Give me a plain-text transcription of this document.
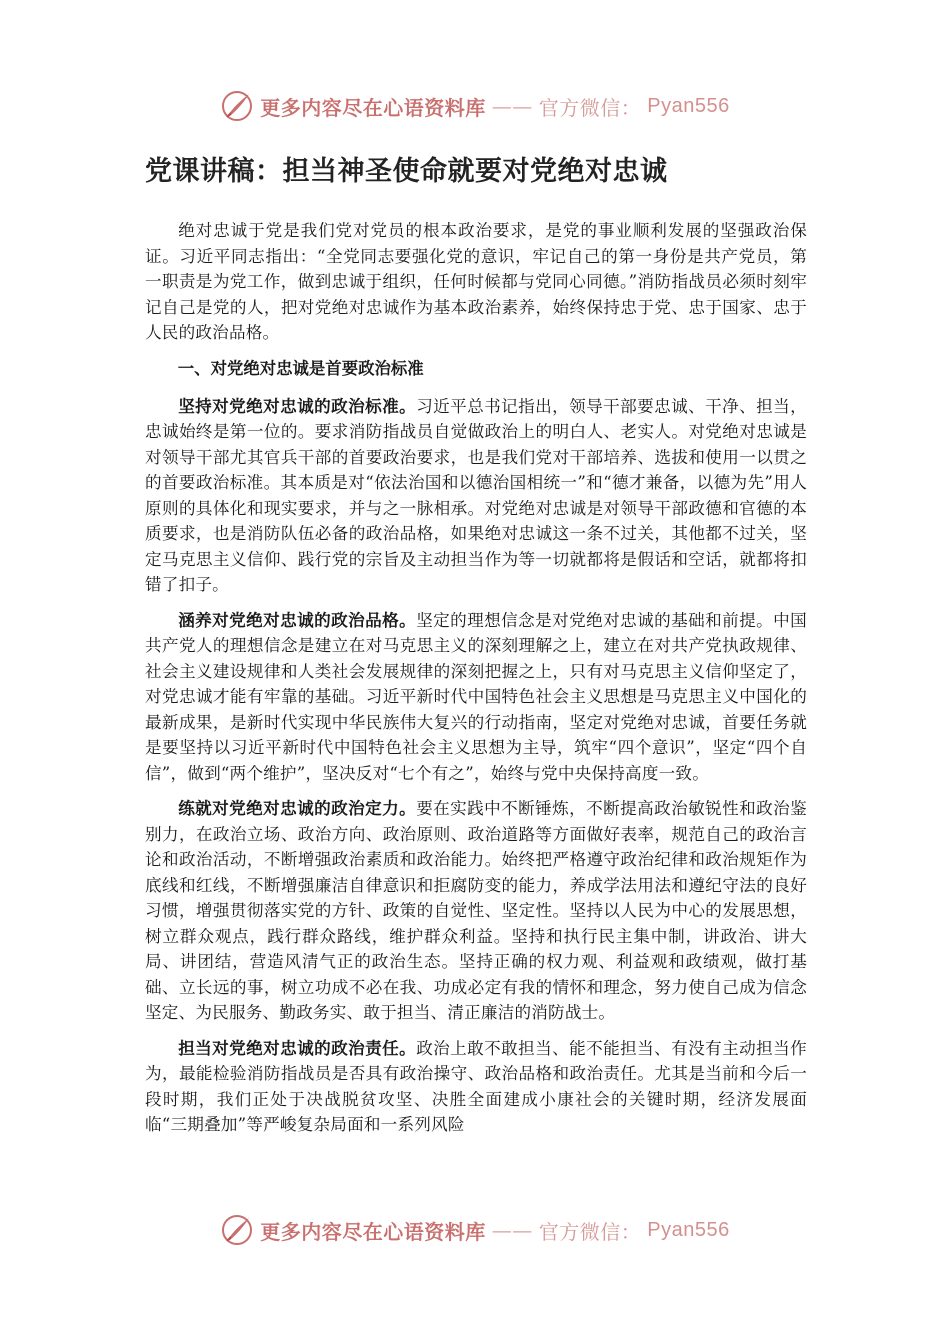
更多内容尽在心语资料库 —— 官方微信： Pyan556
党课讲稿：担当神圣使命就要对党绝对忠诚

绝对忠诚于党是我们党对党员的根本政治要求，是党的事业顺利发展的坚强政治保证。习近平同志指出：“全党同志要强化党的意识，牢记自己的第一身份是共产党员，第一职责是为党工作，做到忠诚于组织，任何时候都与党同心同德。”消防指战员必须时刻牢记自己是党的人，把对党绝对忠诚作为基本政治素养，始终保持忠于党、忠于国家、忠于人民的政治品格。

一、对党绝对忠诚是首要政治标准

坚持对党绝对忠诚的政治标准。习近平总书记指出，领导干部要忠诚、干净、担当，忠诚始终是第一位的。要求消防指战员自觉做政治上的明白人、老实人。对党绝对忠诚是对领导干部尤其官兵干部的首要政治要求，也是我们党对干部培养、选拔和使用一以贯之的首要政治标准。其本质是对“依法治国和以德治国相统一”和“德才兼备，以德为先”用人原则的具体化和现实要求，并与之一脉相承。对党绝对忠诚是对领导干部政德和官德的本质要求，也是消防队伍必备的政治品格，如果绝对忠诚这一条不过关，其他都不过关，坚定马克思主义信仰、践行党的宗旨及主动担当作为等一切就都将是假话和空话，就都将扣错了扣子。

涵养对党绝对忠诚的政治品格。坚定的理想信念是对党绝对忠诚的基础和前提。中国共产党人的理想信念是建立在对马克思主义的深刻理解之上，建立在对共产党执政规律、社会主义建设规律和人类社会发展规律的深刻把握之上，只有对马克思主义信仰坚定了，对党忠诚才能有牢靠的基础。习近平新时代中国特色社会主义思想是马克思主义中国化的最新成果，是新时代实现中华民族伟大复兴的行动指南，坚定对党绝对忠诚，首要任务就是要坚持以习近平新时代中国特色社会主义思想为主导，筑牢“四个意识”，坚定“四个自信”，做到“两个维护”，坚决反对“七个有之”，始终与党中央保持高度一致。

练就对党绝对忠诚的政治定力。要在实践中不断锤炼，不断提高政治敏锐性和政治鉴别力，在政治立场、政治方向、政治原则、政治道路等方面做好表率，规范自己的政治言论和政治活动，不断增强政治素质和政治能力。始终把严格遵守政治纪律和政治规矩作为底线和红线，不断增强廉洁自律意识和拒腐防变的能力，养成学法用法和遵纪守法的良好习惯，增强贯彻落实党的方针、政策的自觉性、坚定性。坚持以人民为中心的发展思想，树立群众观点，践行群众路线，维护群众利益。坚持和执行民主集中制，讲政治、讲大局、讲团结，营造风清气正的政治生态。坚持正确的权力观、利益观和政绩观，做打基础、立长远的事，树立功成不必在我、功成必定有我的情怀和理念，努力使自己成为信念坚定、为民服务、勤政务实、敢于担当、清正廉洁的消防战士。

担当对党绝对忠诚的政治责任。政治上敢不敢担当、能不能担当、有没有主动担当作为，最能检验消防指战员是否具有政治操守、政治品格和政治责任。尤其是当前和今后一段时期，我们正处于决战脱贫攻坚、决胜全面建成小康社会的关键时期，经济发展面临“三期叠加”等严峻复杂局面和一系列风险

更多内容尽在心语资料库 —— 官方微信： Pyan556
